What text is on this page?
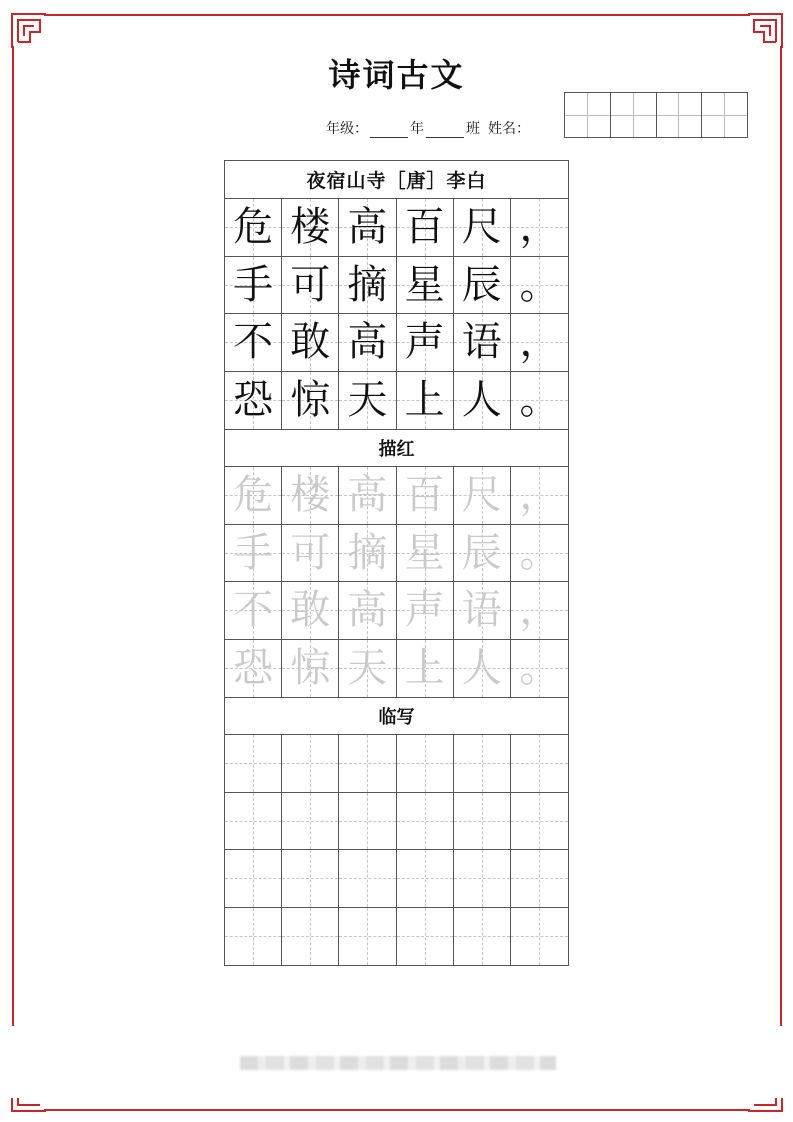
诗词古文
年级：	年	班 姓名：
夜宿山寺［唐］李白
危 楼 高 百 尺 ，
手 可 摘 星 辰 。
不 敢 高 声 语 ，
恐 惊 天 上 人 。
描红
危 楼 高 百 尺 ，
手 可 摘 星 辰 。
不 敢 高 声 语 ，
恐 惊 天 上 人 。
临写
